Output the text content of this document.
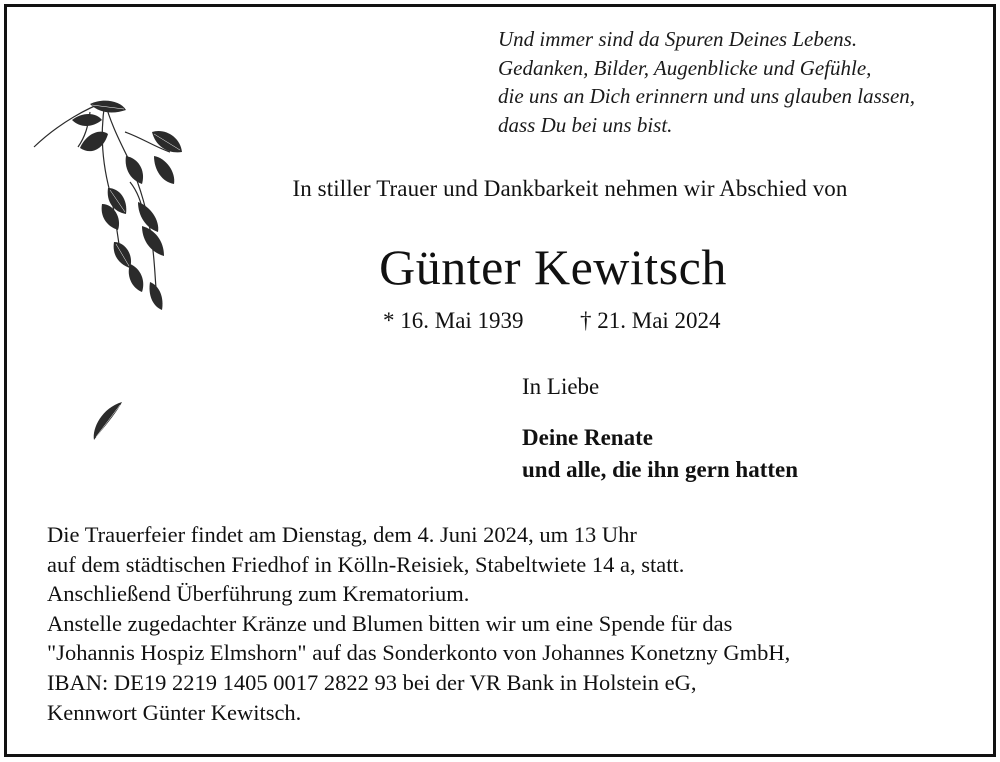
Und immer sind da Spuren Deines Lebens.
Gedanken, Bilder, Augenblicke und Gefühle,
die uns an Dich erinnern und uns glauben lassen,
dass Du bei uns bist.
In stiller Trauer und Dankbarkeit nehmen wir Abschied von
Günter Kewitsch
* 16. Mai 1939 † 21. Mai 2024
In Liebe
Deine Renate
und alle, die ihn gern hatten
Die Trauerfeier findet am Dienstag, dem 4. Juni 2024, um 13 Uhr
auf dem städtischen Friedhof in Kölln-Reisiek, Stabeltwiete 14 a, statt.
Anschließend Überführung zum Krematorium.
Anstelle zugedachter Kränze und Blumen bitten wir um eine Spende für das
"Johannis Hospiz Elmshorn" auf das Sonderkonto von Johannes Konetzny GmbH,
IBAN: DE19 2219 1405 0017 2822 93 bei der VR Bank in Holstein eG,
Kennwort Günter Kewitsch.
